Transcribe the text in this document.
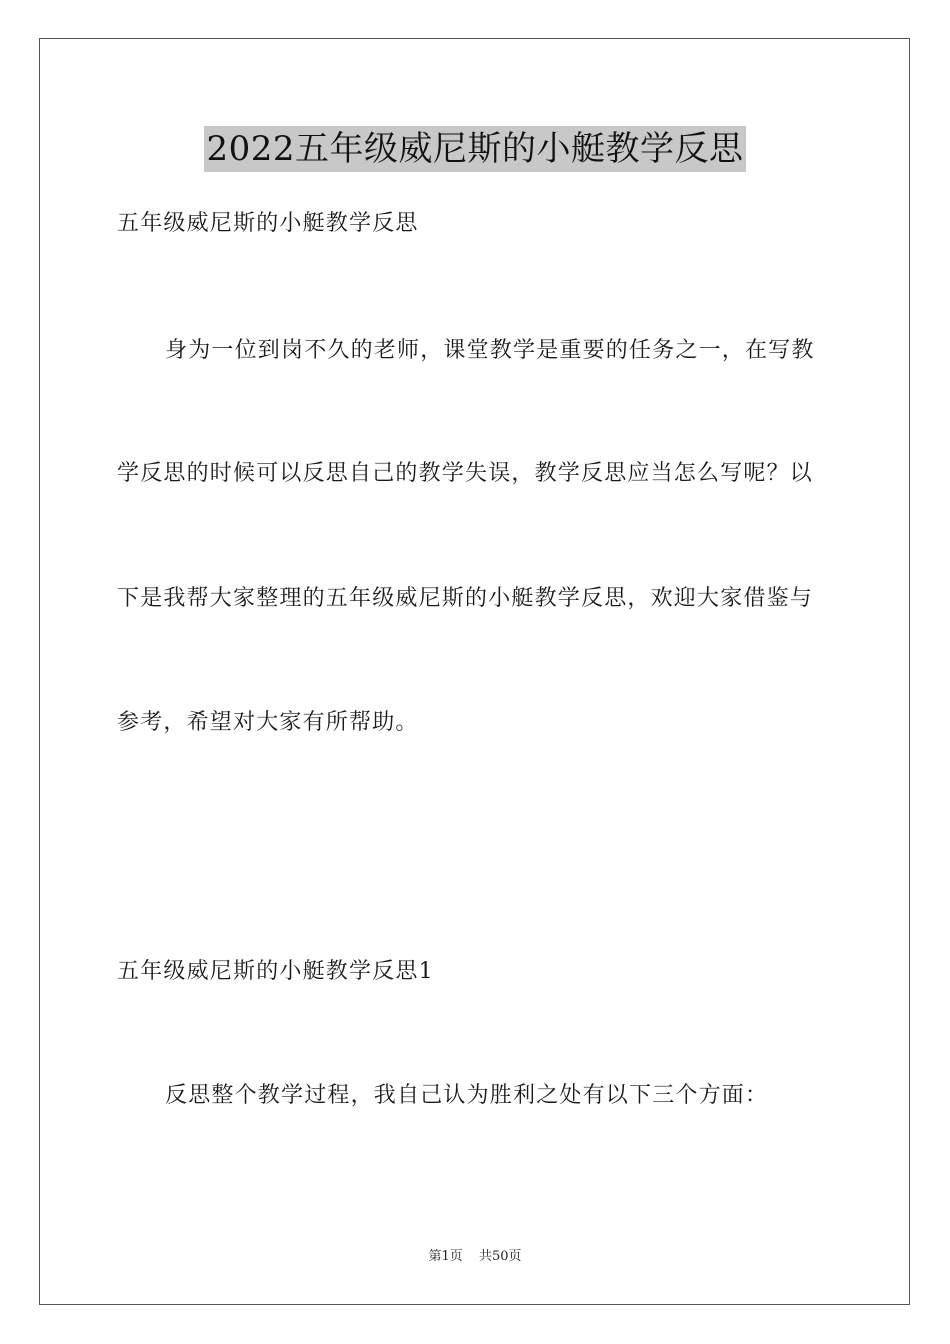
2022五年级威尼斯的小艇教学反思
五年级威尼斯的小艇教学反思
身为一位到岗不久的老师，课堂教学是重要的任务之一，在写教
学反思的时候可以反思自己的教学失误，教学反思应当怎么写呢？以
下是我帮大家整理的五年级威尼斯的小艇教学反思，欢迎大家借鉴与
参考，希望对大家有所帮助。
五年级威尼斯的小艇教学反思1
反思整个教学过程，我自己认为胜利之处有以下三个方面：
第1页 共50页
